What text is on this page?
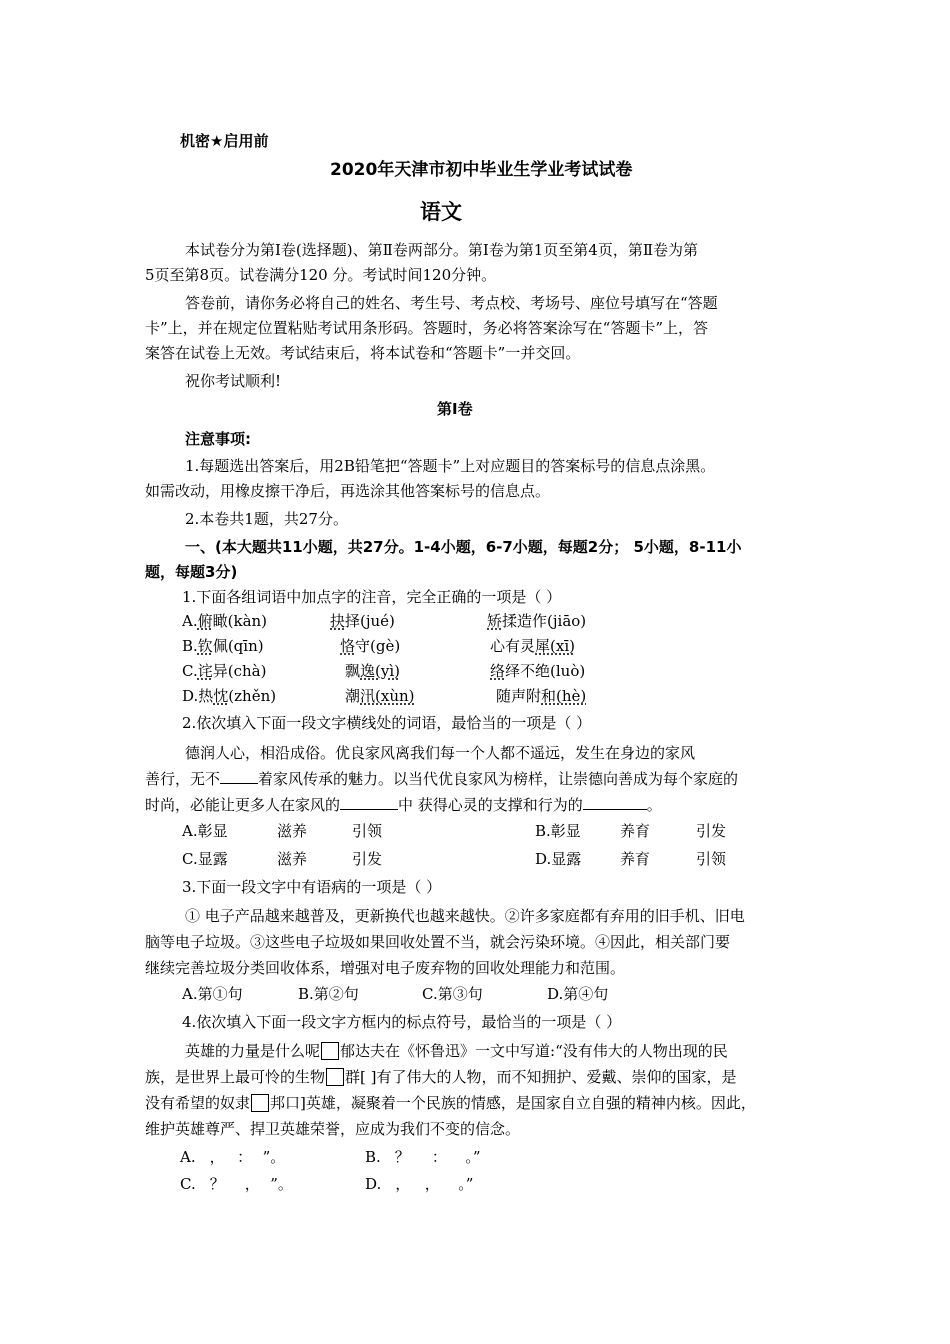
机密★启用前
2020年天津市初中毕业生学业考试试卷
语文
本试卷分为第Ⅰ卷(选择题)、第Ⅱ卷两部分。第Ⅰ卷为第1页至第4页，第Ⅱ卷为第
5页至第8页。试卷满分120 分。考试时间120分钟。
答卷前，请你务必将自己的姓名、考生号、考点校、考场号、座位号填写在“答题
卡”上，并在规定位置粘贴考试用条形码。答题时，务必将答案涂写在“答题卡”上，答
案答在试卷上无效。考试结束后，将本试卷和“答题卡”一并交回。
祝你考试顺利!
第Ⅰ卷
注意事项:
1.每题选出答案后，用2B铅笔把“答题卡”上对应题目的答案标号的信息点涂黑。
如需改动，用橡皮擦干净后，再选涂其他答案标号的信息点。
2.本卷共1题，共27分。
一、(本大题共11小题，共27分。1-4小题，6-7小题，每题2分； 5小题，8-11小
题，每题3分)
1.下面各组词语中加点字的注音，完全正确的一项是（ ）
A.俯瞰(kàn)	抉择(jué)	矫揉造作(jiāo)
B.钦佩(qīn)	恪守(gè)	心有灵犀(xī)
C.诧异(chà)	飘逸(yì)	络绎不绝(luò)
D.热忱(zhěn)	潮汛(xùn)	随声附和(hè)
2.依次填入下面一段文字横线处的词语，最恰当的一项是（ ）
德润人心，相沿成俗。优良家风离我们每一个人都不遥远，发生在身边的家风
善行，无不	着家风传承的魅力。以当代优良家风为榜样，让崇德向善成为每个家庭的
时尚，必能让更多人在家风的	中 获得心灵的支撑和行为的	。
A.彰显	滋养	引领	B.彰显	养育	引发
C.显露	滋养	引发	D.显露	养育	引领
3.下面一段文字中有语病的一项是（ ）
① 电子产品越来越普及，更新换代也越来越快。②许多家庭都有弃用的旧手机、旧电
脑等电子垃圾。③这些电子垃圾如果回收处置不当，就会污染环境。④因此，相关部门要
继续完善垃圾分类回收体系，增强对电子废弃物的回收处理能力和范围。
A.第①句	B.第②句	C.第③句	D.第④句
4.依次填入下面一段文字方框内的标点符号，最恰当的一项是（ ）
英雄的力量是什么呢 郁达夫在《怀鲁迅》一文中写道:“没有伟大的人物出现的民
族，是世界上最可怜的生物 群[ ]有了伟大的人物，而不知拥护、爱戴、崇仰的国家，是
没有希望的奴隶 邦口]英雄，凝聚着一个民族的情感，是国家自立自强的精神内核。因此，
维护英雄尊严、捍卫英雄荣誉，应成为我们不变的信念。
A. ， ： ”。	B. ？ ： 。”
C. ？ ， ”。	D. ， ， 。”
